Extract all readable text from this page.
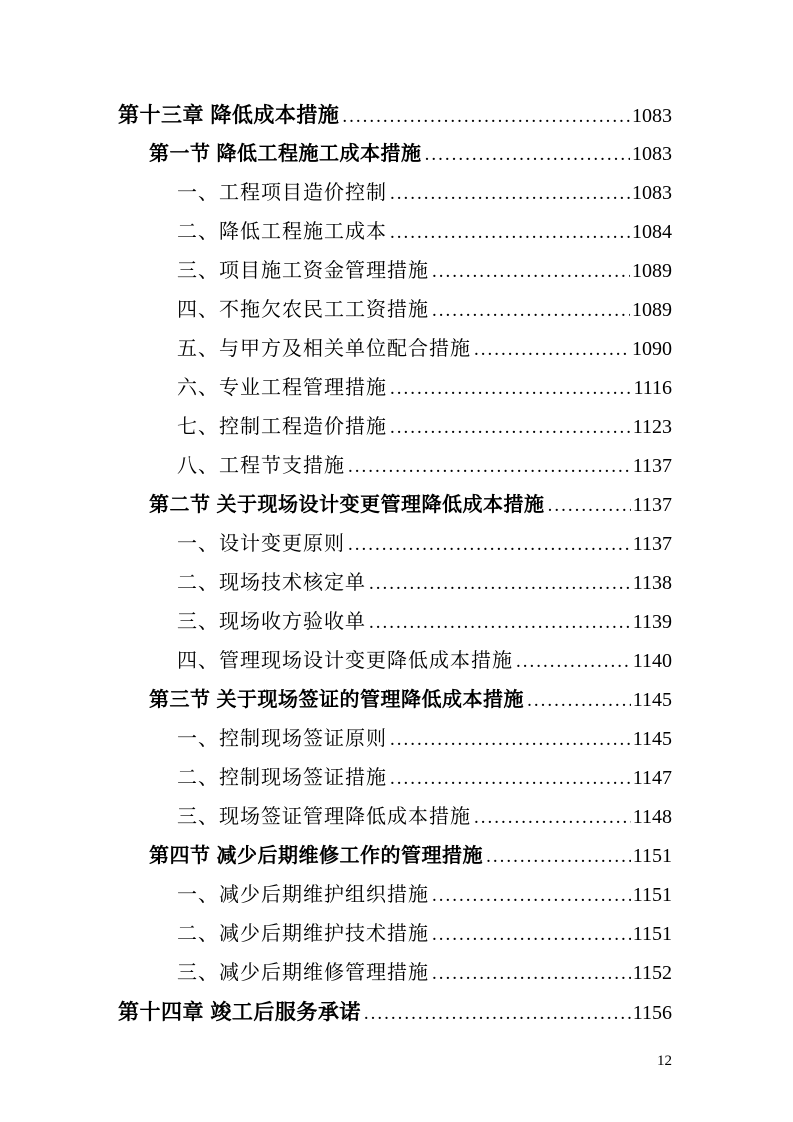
第十三章 降低成本措施 .....	1083
第一节 降低工程施工成本措施 .....	1083
一、工程项目造价控制 .....	1083
二、降低工程施工成本 .....	1084
三、项目施工资金管理措施 .....	1089
四、不拖欠农民工工资措施 .....	1089
五、与甲方及相关单位配合措施 .....	1090
六、专业工程管理措施 .....	1116
七、控制工程造价措施 .....	1123
八、工程节支措施 .....	1137
第二节 关于现场设计变更管理降低成本措施 .....	1137
一、设计变更原则 .....	1137
二、现场技术核定单 .....	1138
三、现场收方验收单 .....	1139
四、管理现场设计变更降低成本措施 .....	1140
第三节 关于现场签证的管理降低成本措施 .....	1145
一、控制现场签证原则 .....	1145
二、控制现场签证措施 .....	1147
三、现场签证管理降低成本措施 .....	1148
第四节 减少后期维修工作的管理措施 .....	1151
一、减少后期维护组织措施 .....	1151
二、减少后期维护技术措施 .....	1151
三、减少后期维修管理措施 .....	1152
第十四章 竣工后服务承诺 .....	1156
12
